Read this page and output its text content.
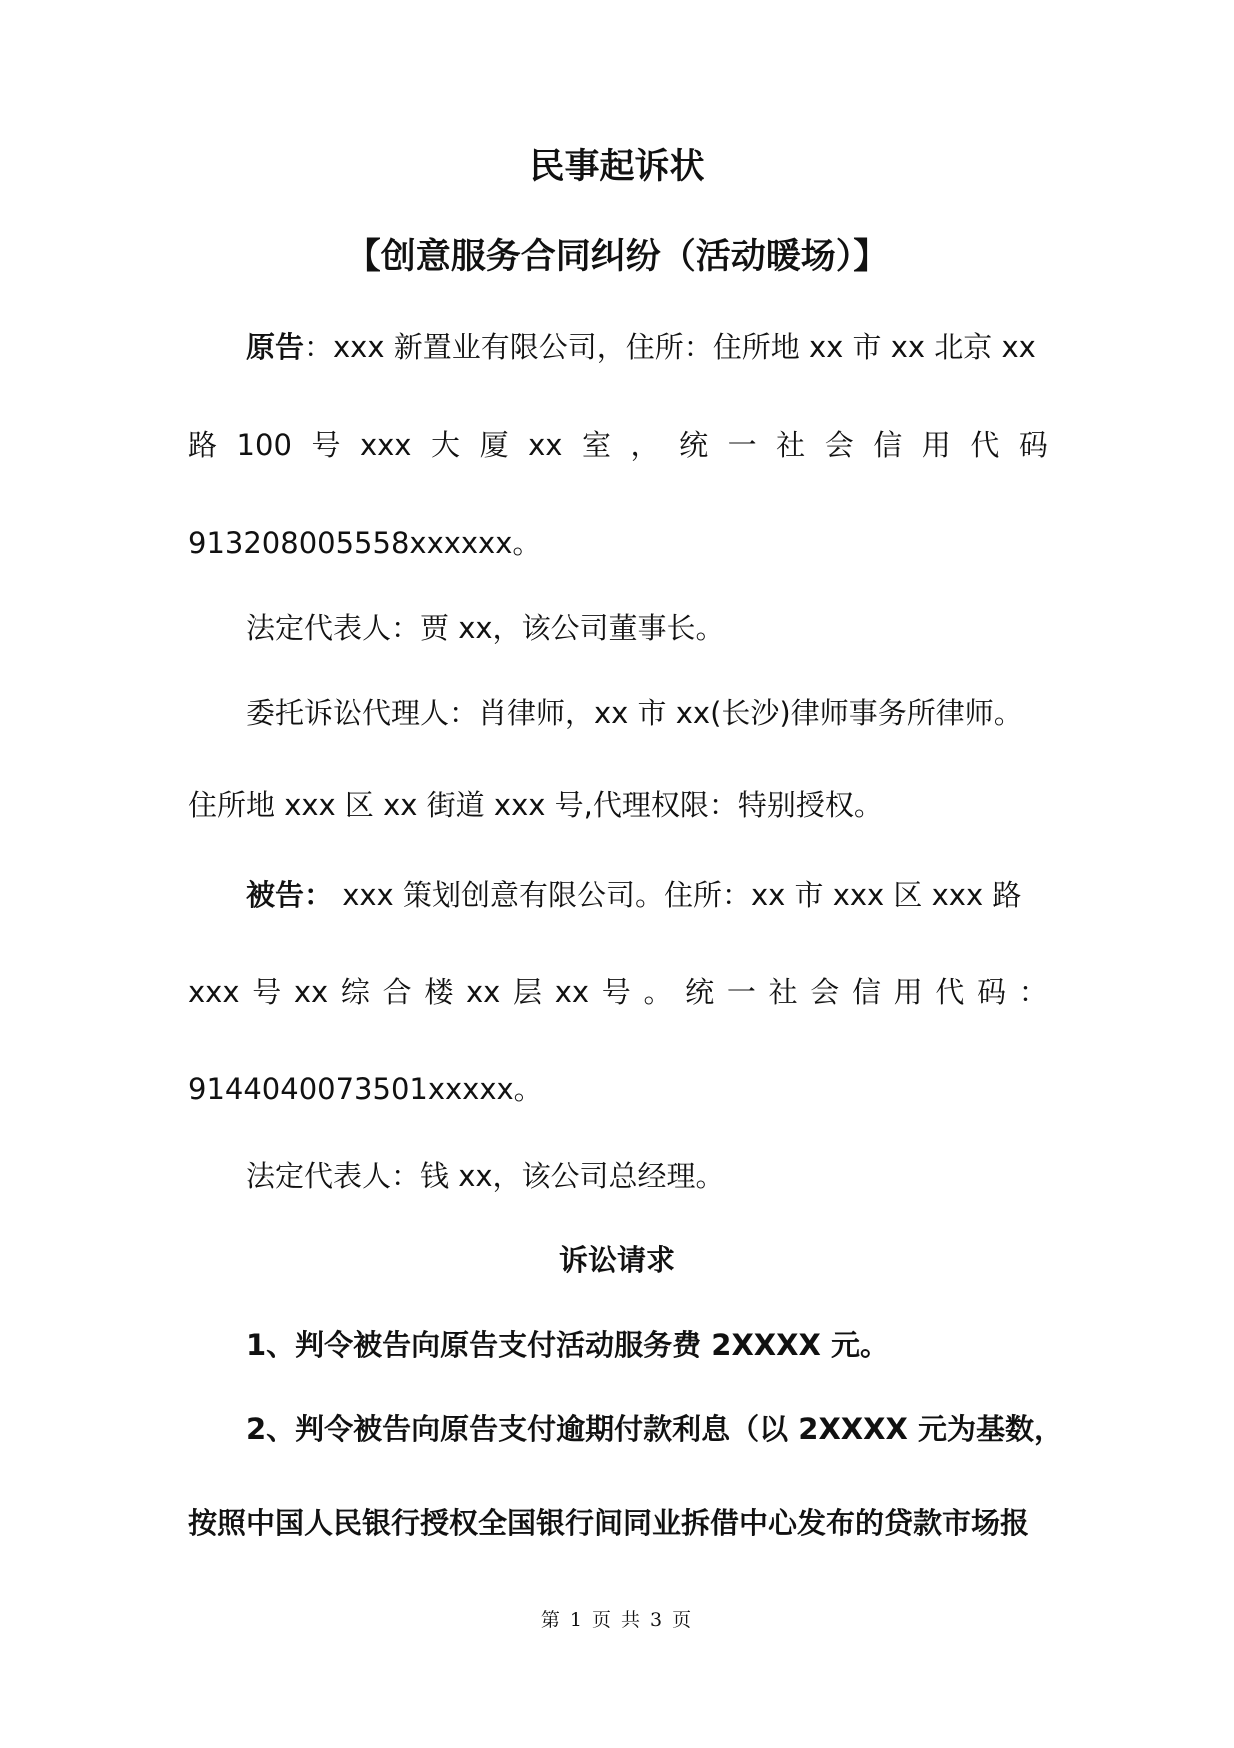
民事起诉状
【创意服务合同纠纷（活动暖场）】
原告：xxx 新置业有限公司，住所：住所地 xx 市 xx 北京 xx
路 100 号 xxx 大 厦 xx 室 ， 统 一 社 会 信 用 代 码
913208005558xxxxxx。
法定代表人：贾 xx，该公司董事长。
委托诉讼代理人：肖律师，xx 市 xx(长沙)律师事务所律师。
住所地 xxx 区 xx 街道 xxx 号,代理权限：特别授权。
被告： xxx 策划创意有限公司。住所：xx 市 xxx 区 xxx 路
xxx 号 xx 综 合 楼 xx 层 xx 号 。 统 一 社 会 信 用 代 码 ：
9144040073501xxxxx。
法定代表人：钱 xx，该公司总经理。
诉讼请求
1、判令被告向原告支付活动服务费 2XXXX 元。
2、判令被告向原告支付逾期付款利息（以 2XXXX 元为基数，
按照中国人民银行授权全国银行间同业拆借中心发布的贷款市场报
第 1 页 共 3 页
